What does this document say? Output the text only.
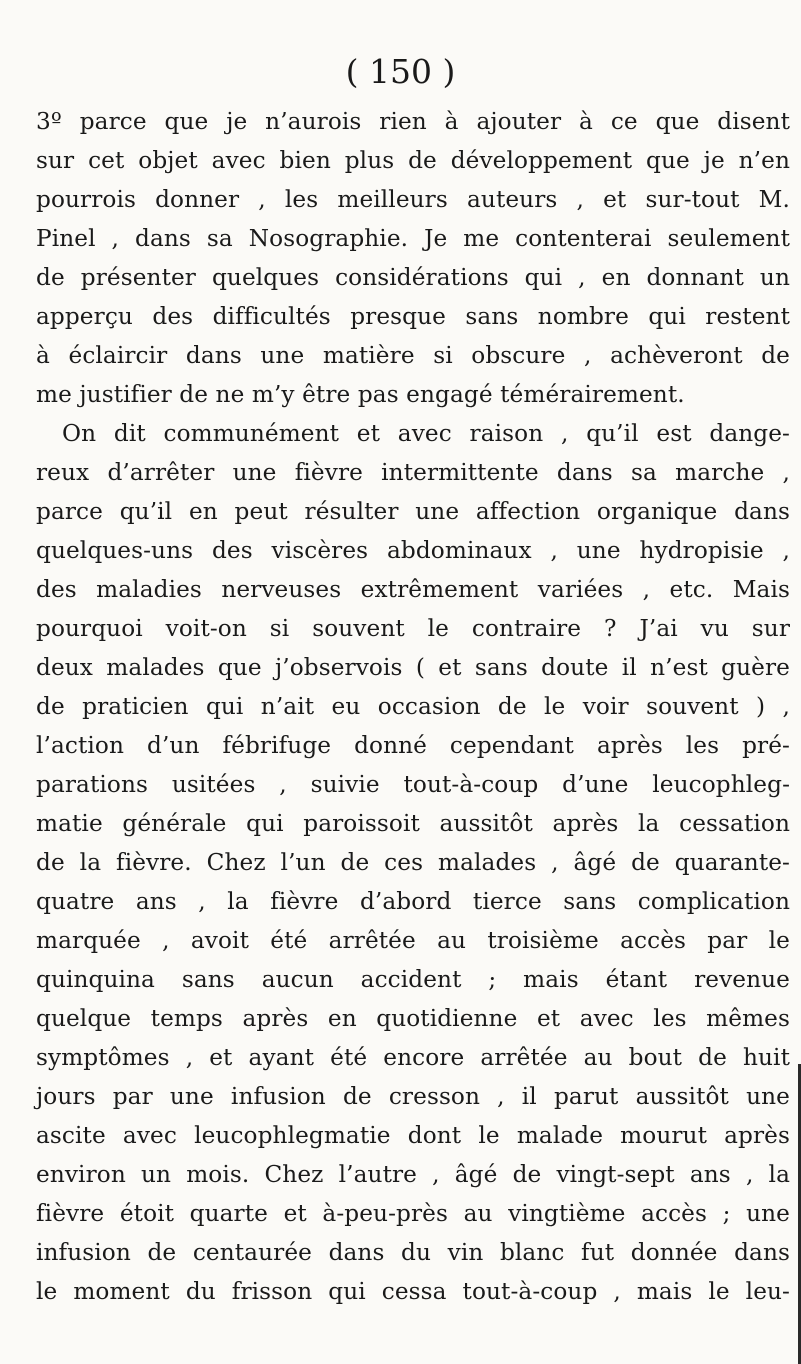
( 150 )
3º parce que je n’aurois rien à ajouter à ce que disent
sur cet objet avec bien plus de développement que je n’en
pourrois donner , les meilleurs auteurs , et sur-tout M.
Pinel , dans sa Nosographie. Je me contenterai seulement
de présenter quelques considérations qui , en donnant un
apperçu des difficultés presque sans nombre qui restent
à éclaircir dans une matière si obscure , achèveront de
me justifier de ne m’y être pas engagé témérairement.
On dit communément et avec raison , qu’il est dange-
reux d’arrêter une fièvre intermittente dans sa marche ,
parce qu’il en peut résulter une affection organique dans
quelques-uns des viscères abdominaux , une hydropisie ,
des maladies nerveuses extrêmement variées , etc. Mais
pourquoi voit-on si souvent le contraire ? J’ai vu sur
deux malades que j’observois ( et sans doute il n’est guère
de praticien qui n’ait eu occasion de le voir souvent ) ,
l’action d’un fébrifuge donné cependant après les pré-
parations usitées , suivie tout-à-coup d’une leucophleg-
matie générale qui paroissoit aussitôt après la cessation
de la fièvre. Chez l’un de ces malades , âgé de quarante-
quatre ans , la fièvre d’abord tierce sans complication
marquée , avoit été arrêtée au troisième accès par le
quinquina sans aucun accident ; mais étant revenue
quelque temps après en quotidienne et avec les mêmes
symptômes , et ayant été encore arrêtée au bout de huit
jours par une infusion de cresson , il parut aussitôt une
ascite avec leucophlegmatie dont le malade mourut après
environ un mois. Chez l’autre , âgé de vingt-sept ans , la
fièvre étoit quarte et à-peu-près au vingtième accès ; une
infusion de centaurée dans du vin blanc fut donnée dans
le moment du frisson qui cessa tout-à-coup , mais le leu-
